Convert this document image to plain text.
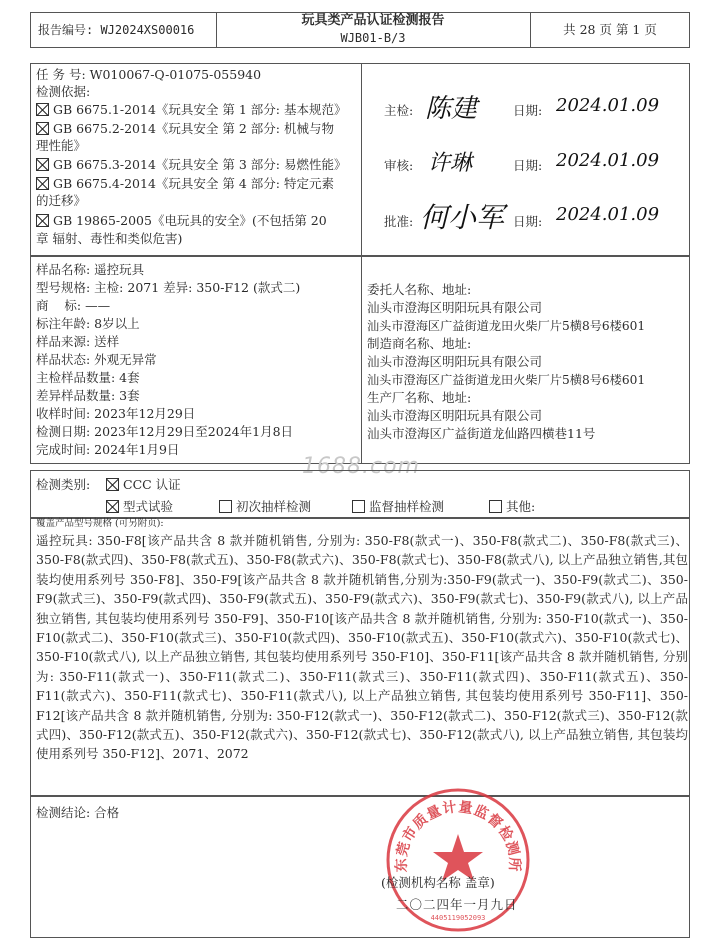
报告编号: WJ2024XS00016
玩具类产品认证检测报告
WJB01-B/3
共 28 页 第 1 页
任 务 号: W010067-Q-01075-055940
检测依据:
GB 6675.1-2014《玩具安全 第 1 部分: 基本规范》
GB 6675.2-2014《玩具安全 第 2 部分: 机械与物
理性能》
GB 6675.3-2014《玩具安全 第 3 部分: 易燃性能》
GB 6675.4-2014《玩具安全 第 4 部分: 特定元素
的迁移》
GB 19865-2005《电玩具的安全》(不包括第 20
章 辐射、毒性和类似危害)
主检: 陈建	日期: 2024.01.09
审核: 许琳	日期: 2024.01.09
批准: 何小军 日期: 2024.01.09
样品名称: 遥控玩具
型号规格: 主检: 2071 差异: 350-F12 (款式二)
商    标: ——
标注年龄: 8岁以上
样品来源: 送样
样品状态: 外观无异常
主检样品数量: 4套
差异样品数量: 3套
收样时间: 2023年12月29日
检测日期: 2023年12月29日至2024年1月8日
完成时间: 2024年1月9日
委托人名称、地址:
汕头市澄海区明阳玩具有限公司
汕头市澄海区广益街道龙田火柴厂片5横8号6楼601
制造商名称、地址:
汕头市澄海区明阳玩具有限公司
汕头市澄海区广益街道龙田火柴厂片5横8号6楼601
生产厂名称、地址:
汕头市澄海区明阳玩具有限公司
汕头市澄海区广益街道龙仙路四横巷11号
1688.com
检测类别:	CCC 认证
型式试验	初次抽样检测	监督抽样检测	其他:
覆盖产品型号规格 (可另附页):
遥控玩具: 350-F8[该产品共含 8 款并随机销售, 分别为: 350-F8(款式一)、350-F8(款式二)、350-F8(款式三)、350-F8(款式四)、350-F8(款式五)、350-F8(款式六)、350-F8(款式七)、350-F8(款式八), 以上产品独立销售,其包装均使用系列号 350-F8]、350-F9[该产品共含 8 款并随机销售,分别为:350-F9(款式一)、350-F9(款式二)、350-F9(款式三)、350-F9(款式四)、350-F9(款式五)、350-F9(款式六)、350-F9(款式七)、350-F9(款式八), 以上产品独立销售, 其包装均使用系列号 350-F9]、350-F10[该产品共含 8 款并随机销售, 分别为: 350-F10(款式一)、350-F10(款式二)、350-F10(款式三)、350-F10(款式四)、350-F10(款式五)、350-F10(款式六)、350-F10(款式七)、350-F10(款式八), 以上产品独立销售, 其包装均使用系列号 350-F10]、350-F11[该产品共含 8 款并随机销售, 分别为: 350-F11(款式一)、350-F11(款式二)、350-F11(款式三)、350-F11(款式四)、350-F11(款式五)、350-F11(款式六)、350-F11(款式七)、350-F11(款式八), 以上产品独立销售, 其包装均使用系列号 350-F11]、350-F12[该产品共含 8 款并随机销售, 分别为: 350-F12(款式一)、350-F12(款式二)、350-F12(款式三)、350-F12(款式四)、350-F12(款式五)、350-F12(款式六)、350-F12(款式七)、350-F12(款式八), 以上产品独立销售, 其包装均使用系列号 350-F12]、2071、2072
检测结论: 合格
东莞市质量计量监督检测所
4405119052093
(检测机构名称 盖章)
二〇二四年一月九日
